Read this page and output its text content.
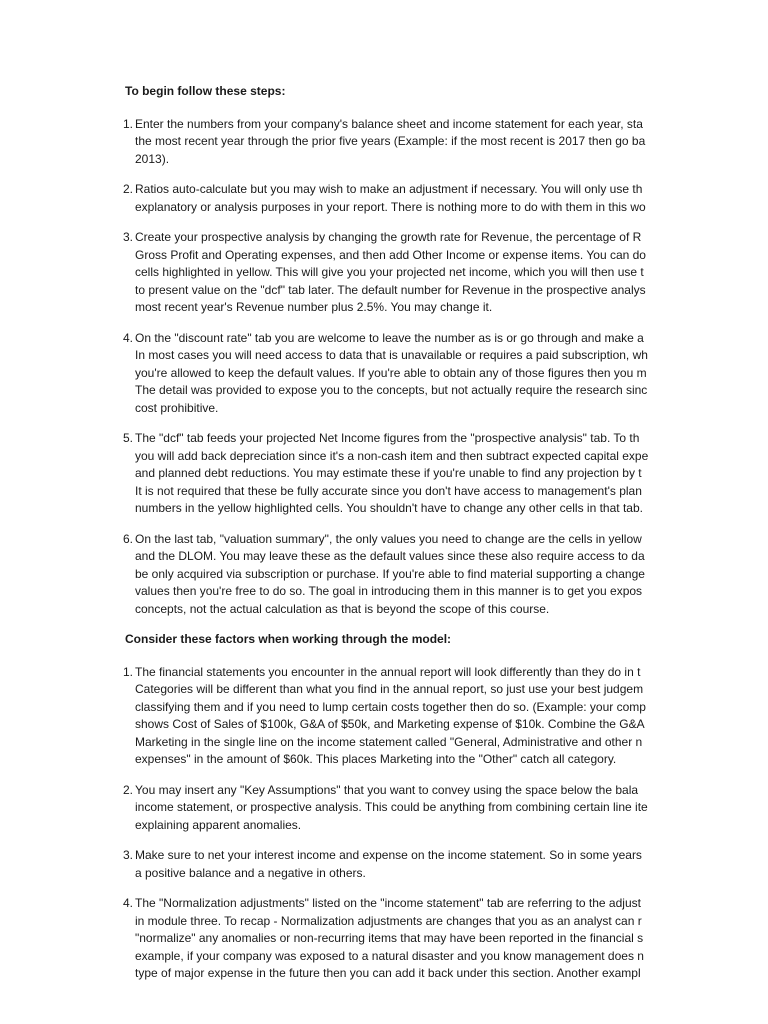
To begin follow these steps:
1. Enter the numbers from your company's balance sheet and income statement for each year, sta
the most recent year through the prior five years (Example: if the most recent is 2017 then go ba
2013).
2. Ratios auto-calculate but you may wish to make an adjustment if necessary. You will only use th
explanatory or analysis purposes in your report. There is nothing more to do with them in this wo
3. Create your prospective analysis by changing the growth rate for Revenue, the percentage of R
Gross Profit and Operating expenses, and then add Other Income or expense items. You can do
cells highlighted in yellow. This will give you your projected net income, which you will then use t
to present value on the "dcf" tab later. The default number for Revenue in the prospective analys
most recent year's Revenue number plus 2.5%. You may change it.
4. On the "discount rate" tab you are welcome to leave the number as is or go through and make a
In most cases you will need access to data that is unavailable or requires a paid subscription, wh
you're allowed to keep the default values. If you're able to obtain any of those figures then you m
The detail was provided to expose you to the concepts, but not actually require the research sinc
cost prohibitive.
5. The "dcf" tab feeds your projected Net Income figures from the "prospective analysis" tab. To th
you will add back depreciation since it's a non-cash item and then subtract expected capital expe
and planned debt reductions. You may estimate these if you're unable to find any projection by t
It is not required that these be fully accurate since you don't have access to management's plan
numbers in the yellow highlighted cells. You shouldn't have to change any other cells in that tab.
6. On the last tab, "valuation summary", the only values you need to change are the cells in yellow
and the DLOM. You may leave these as the default values since these also require access to da
be only acquired via subscription or purchase. If you're able to find material supporting a change
values then you're free to do so. The goal in introducing them in this manner is to get you expos
concepts, not the actual calculation as that is beyond the scope of this course.
Consider these factors when working through the model:
1. The financial statements you encounter in the annual report will look differently than they do in t
Categories will be different than what you find in the annual report, so just use your best judgem
classifying them and if you need to lump certain costs together then do so. (Example: your comp
shows Cost of Sales of $100k, G&A of $50k, and Marketing expense of $10k. Combine the G&A
Marketing in the single line on the income statement called "General, Administrative and other n
expenses" in the amount of $60k. This places Marketing into the "Other" catch all category.
2. You may insert any "Key Assumptions" that you want to convey using the space below the bala
income statement, or prospective analysis. This could be anything from combining certain line ite
explaining apparent anomalies.
3. Make sure to net your interest income and expense on the income statement. So in some years
a positive balance and a negative in others.
4. The "Normalization adjustments" listed on the "income statement" tab are referring to the adjust
in module three. To recap - Normalization adjustments are changes that you as an analyst can r
"normalize" any anomalies or non-recurring items that may have been reported in the financial s
example, if your company was exposed to a natural disaster and you know management does n
type of major expense in the future then you can add it back under this section. Another exampl
